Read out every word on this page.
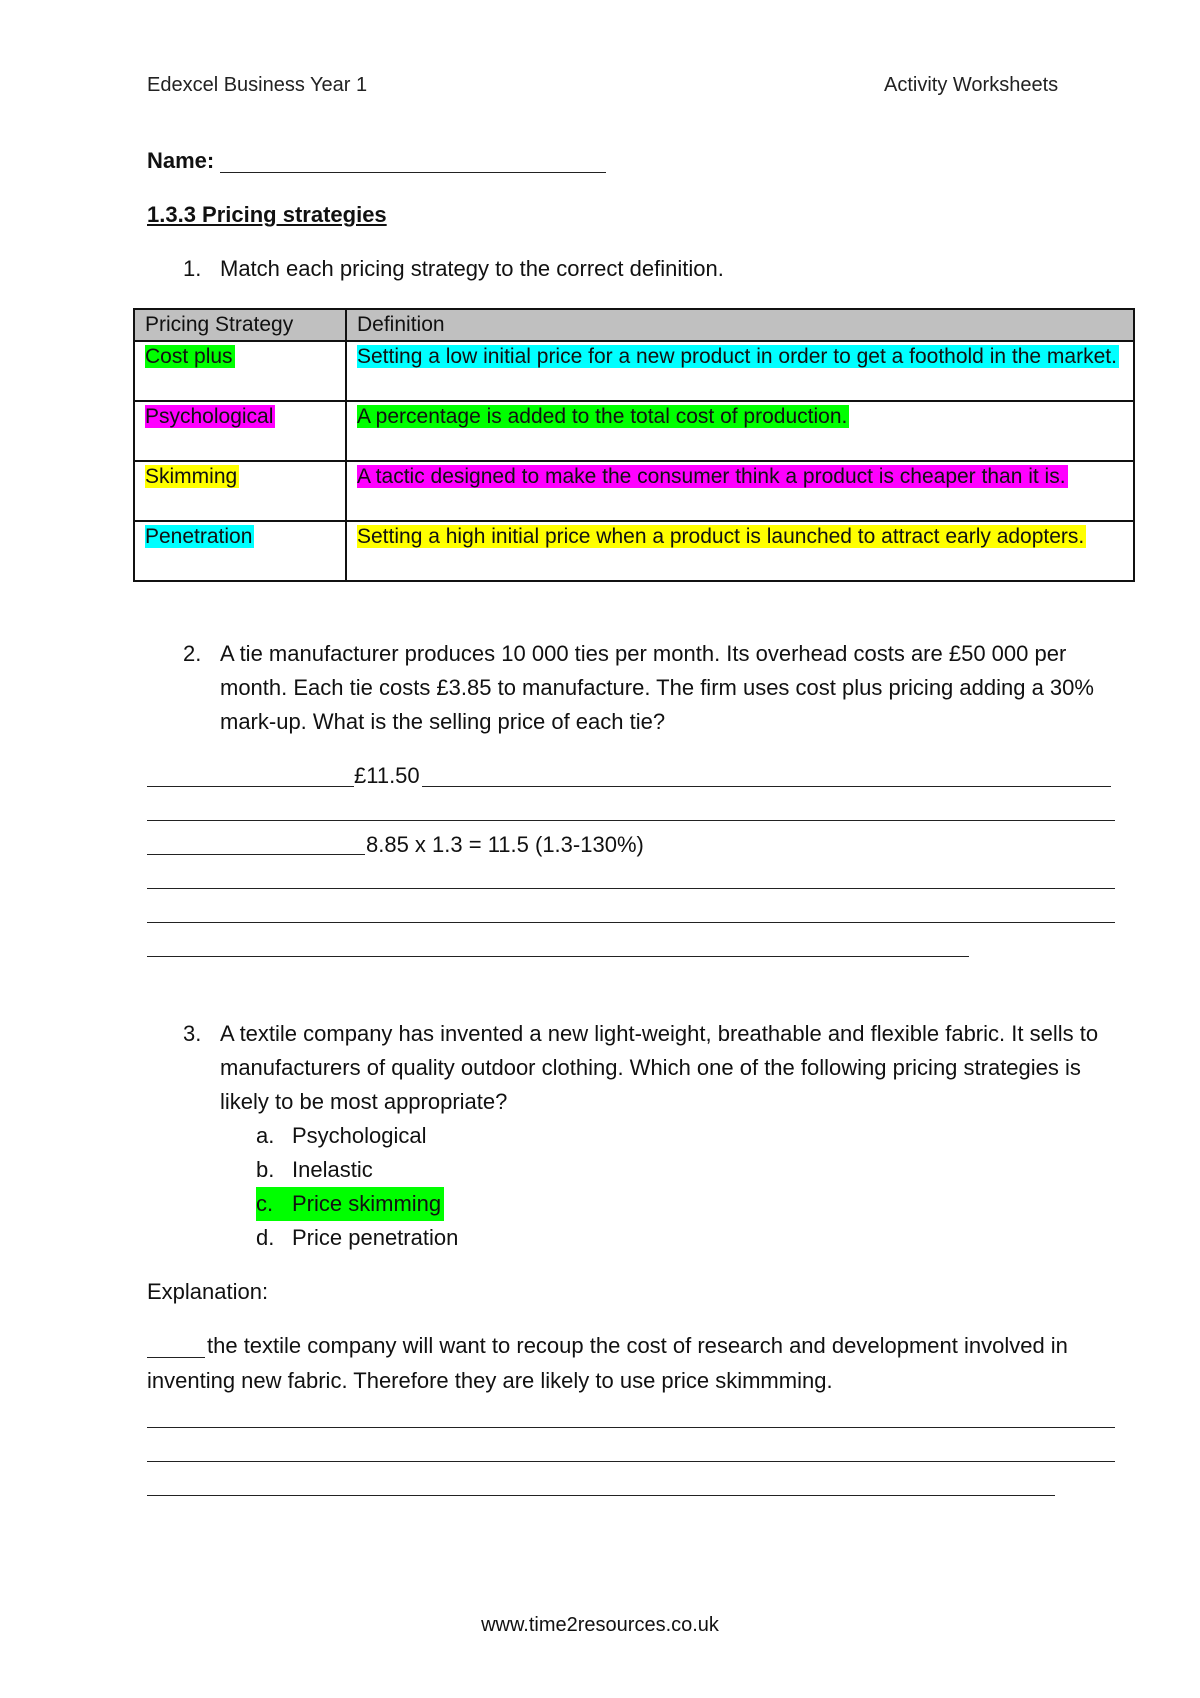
Edexcel Business Year 1	Activity Worksheets
Name:
1.3.3 Pricing strategies
1. Match each pricing strategy to the correct definition.
Pricing Strategy	Definition
Cost plus	Setting a low initial price for a new product in order to get a foothold in the market.
Psychological	A percentage is added to the total cost of production.
Skimming	A tactic designed to make the consumer think a product is cheaper than it is.
Penetration	Setting a high initial price when a product is launched to attract early adopters.
2. A tie manufacturer produces 10 000 ties per month. Its overhead costs are £50 000 per
month. Each tie costs £3.85 to manufacture. The firm uses cost plus pricing adding a 30%
mark-up. What is the selling price of each tie?
£11.50
8.85 x 1.3 = 11.5 (1.3-130%)
3. A textile company has invented a new light-weight, breathable and flexible fabric. It sells to
manufacturers of quality outdoor clothing. Which one of the following pricing strategies is
likely to be most appropriate?
a. Psychological
b. Inelastic
c. Price skimming
d. Price penetration
Explanation:
the textile company will want to recoup the cost of research and development involved in
inventing new fabric. Therefore they are likely to use price skimmming.
www.time2resources.co.uk
